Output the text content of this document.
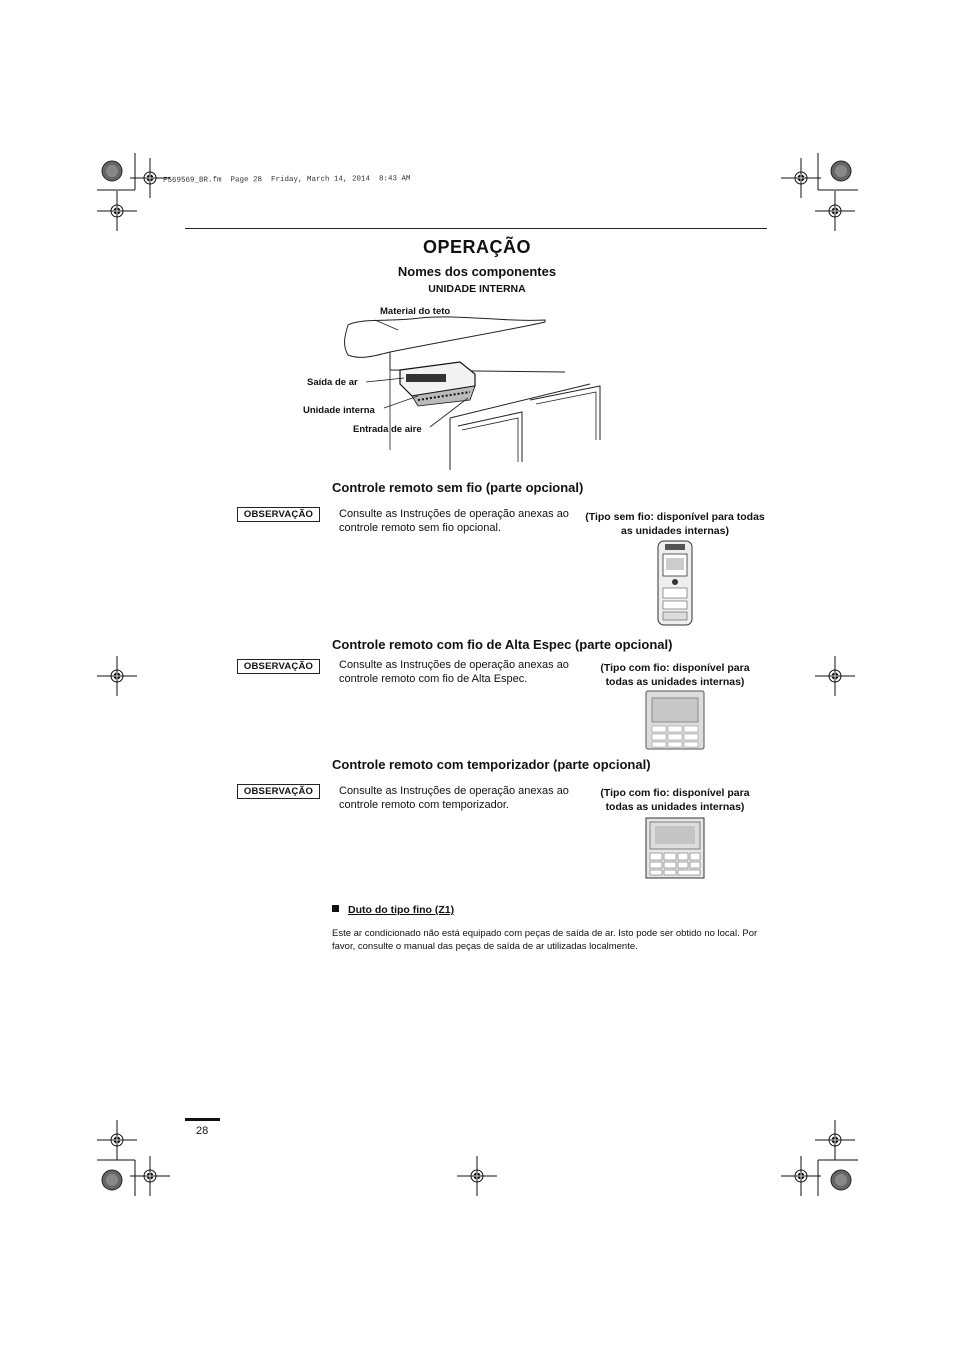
F569569_BR.fm  Page 28  Friday, March 14, 2014  8:43 AM
OPERAÇÃO
Nomes dos componentes
UNIDADE INTERNA
Material do teto
Saída de ar
Unidade interna
Entrada de aire
Controle remoto sem fio (parte opcional)
OBSERVAÇÃO	Consulte as Instruções de operação anexas ao controle remoto sem fio opcional.
(Tipo sem fio: disponível para todas as unidades internas)
Controle remoto com fio de Alta Espec (parte opcional)
OBSERVAÇÃO	Consulte as Instruções de operação anexas ao controle remoto com fio de Alta Espec.
(Tipo com fio: disponível para todas as unidades internas)
Controle remoto com temporizador (parte opcional)
OBSERVAÇÃO	Consulte as Instruções de operação anexas ao controle remoto com temporizador.
(Tipo com fio: disponível para todas as unidades internas)
Duto do tipo fino (Z1)
Este ar condicionado não está equipado com peças de saída de ar. Isto pode ser obtido no local. Por favor, consulte o manual das peças de saída de ar utilizadas localmente.
28
